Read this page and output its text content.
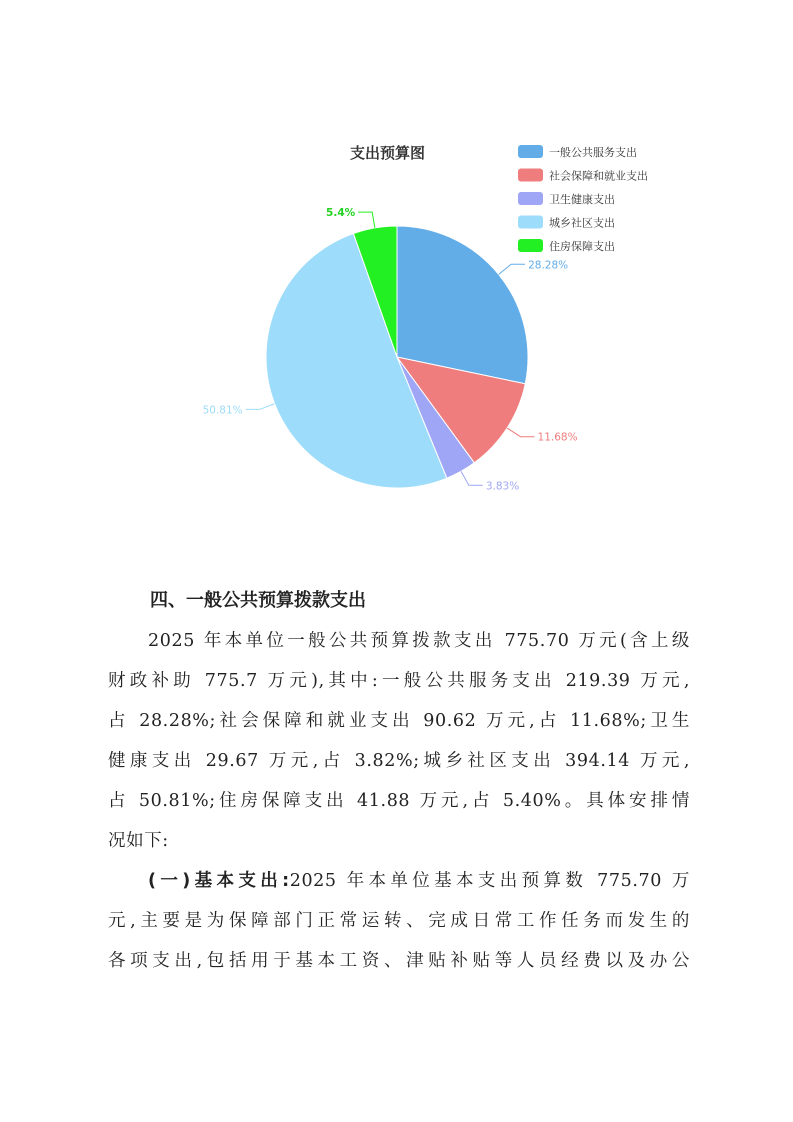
支出预算图	一般公共服务支出
社会保障和就业支出
卫生健康支出
城乡社区支出
住房保障支出
28.28%
11.68%
3.83%
50.81%
5.4%
四、一般公共预算拨款支出
2025 年本单位一般公共预算拨款支出 775.70 万元(含上级
财政补助 775.7 万元),其中:一般公共服务支出 219.39 万元,
占 28.28%;社会保障和就业支出 90.62 万元,占 11.68%;卫生
健康支出 29.67 万元,占 3.82%;城乡社区支出 394.14 万元,
占 50.81%;住房保障支出 41.88 万元,占 5.40%。具体安排情
况如下:
(一)基本支出:2025 年本单位基本支出预算数 775.70 万
元,主要是为保障部门正常运转、完成日常工作任务而发生的
各项支出,包括用于基本工资、津贴补贴等人员经费以及办公
